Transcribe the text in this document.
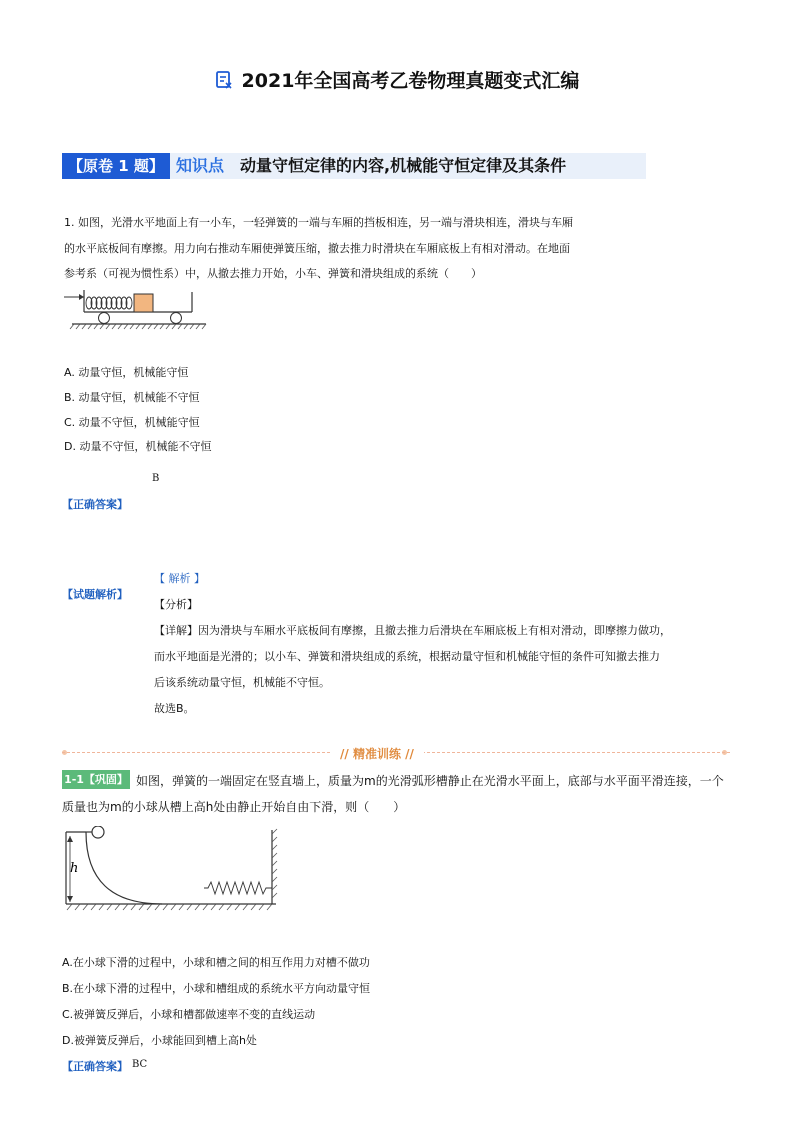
2021年全国高考乙卷物理真题变式汇编
【原卷 1 题】 知识点 动量守恒定律的内容,机械能守恒定律及其条件
1. 如图，光滑水平地面上有一小车，一轻弹簧的一端与车厢的挡板相连，另一端与滑块相连，滑块与车厢
的水平底板间有摩擦。用力向右推动车厢使弹簧压缩，撤去推力时滑块在车厢底板上有相对滑动。在地面
参考系（可视为惯性系）中，从撤去推力开始，小车、弹簧和滑块组成的系统（　　）
A. 动量守恒，机械能守恒
B. 动量守恒，机械能不守恒
C. 动量不守恒，机械能守恒
D. 动量不守恒，机械能不守恒
B
【正确答案】
【试题解析】
【 解析 】
【分析】
【详解】因为滑块与车厢水平底板间有摩擦，且撤去推力后滑块在车厢底板上有相对滑动，即摩擦力做功，
而水平地面是光滑的；以小车、弹簧和滑块组成的系统，根据动量守恒和机械能守恒的条件可知撤去推力
后该系统动量守恒，机械能不守恒。
故选B。
// 精准训练 //
1-1【巩固】 如图，弹簧的一端固定在竖直墙上，质量为m的光滑弧形槽静止在光滑水平面上，底部与水平面平滑连接，一个
质量也为m的小球从槽上高h处由静止开始自由下滑，则（　　）
h
A.在小球下滑的过程中，小球和槽之间的相互作用力对槽不做功
B.在小球下滑的过程中，小球和槽组成的系统水平方向动量守恒
C.被弹簧反弹后，小球和槽都做速率不变的直线运动
D.被弹簧反弹后，小球能回到槽上高h处
【正确答案】 BC
